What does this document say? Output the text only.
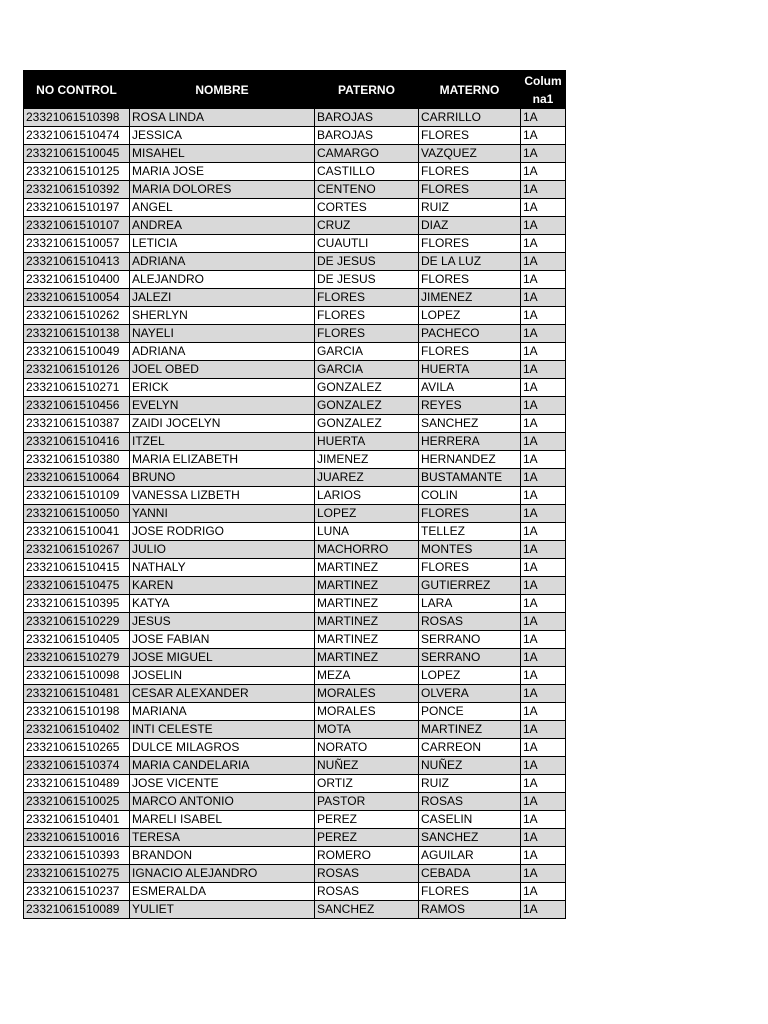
NO CONTROL	NOMBRE	PATERNO	MATERNO	Columna1
23321061510398	ROSA LINDA	BAROJAS	CARRILLO	1A
23321061510474	JESSICA	BAROJAS	FLORES	1A
23321061510045	MISAHEL	CAMARGO	VAZQUEZ	1A
23321061510125	MARIA JOSE	CASTILLO	FLORES	1A
23321061510392	MARIA DOLORES	CENTENO	FLORES	1A
23321061510197	ANGEL	CORTES	RUIZ	1A
23321061510107	ANDREA	CRUZ	DIAZ	1A
23321061510057	LETICIA	CUAUTLI	FLORES	1A
23321061510413	ADRIANA	DE JESUS	DE LA LUZ	1A
23321061510400	ALEJANDRO	DE JESUS	FLORES	1A
23321061510054	JALEZI	FLORES	JIMENEZ	1A
23321061510262	SHERLYN	FLORES	LOPEZ	1A
23321061510138	NAYELI	FLORES	PACHECO	1A
23321061510049	ADRIANA	GARCIA	FLORES	1A
23321061510126	JOEL OBED	GARCIA	HUERTA	1A
23321061510271	ERICK	GONZALEZ	AVILA	1A
23321061510456	EVELYN	GONZALEZ	REYES	1A
23321061510387	ZAIDI JOCELYN	GONZALEZ	SANCHEZ	1A
23321061510416	ITZEL	HUERTA	HERRERA	1A
23321061510380	MARIA ELIZABETH	JIMENEZ	HERNANDEZ	1A
23321061510064	BRUNO	JUAREZ	BUSTAMANTE	1A
23321061510109	VANESSA LIZBETH	LARIOS	COLIN	1A
23321061510050	YANNI	LOPEZ	FLORES	1A
23321061510041	JOSE RODRIGO	LUNA	TELLEZ	1A
23321061510267	JULIO	MACHORRO	MONTES	1A
23321061510415	NATHALY	MARTINEZ	FLORES	1A
23321061510475	KAREN	MARTINEZ	GUTIERREZ	1A
23321061510395	KATYA	MARTINEZ	LARA	1A
23321061510229	JESUS	MARTINEZ	ROSAS	1A
23321061510405	JOSE FABIAN	MARTINEZ	SERRANO	1A
23321061510279	JOSE MIGUEL	MARTINEZ	SERRANO	1A
23321061510098	JOSELIN	MEZA	LOPEZ	1A
23321061510481	CESAR ALEXANDER	MORALES	OLVERA	1A
23321061510198	MARIANA	MORALES	PONCE	1A
23321061510402	INTI CELESTE	MOTA	MARTINEZ	1A
23321061510265	DULCE MILAGROS	NORATO	CARREON	1A
23321061510374	MARIA CANDELARIA	NUÑEZ	NUÑEZ	1A
23321061510489	JOSE VICENTE	ORTIZ	RUIZ	1A
23321061510025	MARCO ANTONIO	PASTOR	ROSAS	1A
23321061510401	MARELI ISABEL	PEREZ	CASELIN	1A
23321061510016	TERESA	PEREZ	SANCHEZ	1A
23321061510393	BRANDON	ROMERO	AGUILAR	1A
23321061510275	IGNACIO ALEJANDRO	ROSAS	CEBADA	1A
23321061510237	ESMERALDA	ROSAS	FLORES	1A
23321061510089	YULIET	SANCHEZ	RAMOS	1A
